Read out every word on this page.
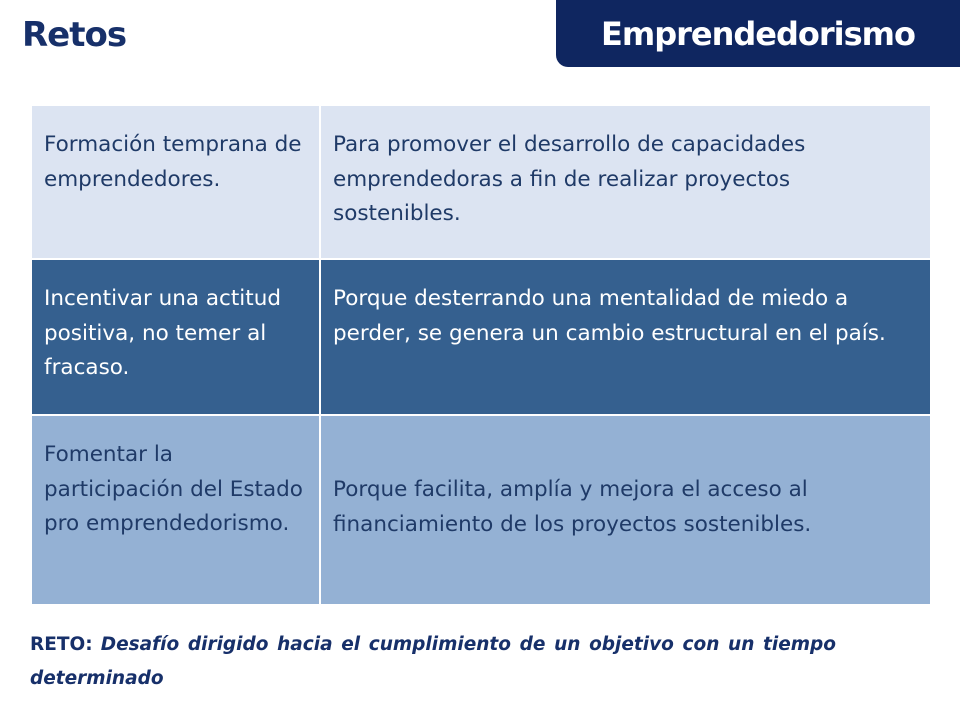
Retos	Emprendedorismo
Formación temprana de emprendedores.	Para promover el desarrollo de capacidades emprendedoras a fin de realizar proyectos sostenibles.
Incentivar una actitud positiva, no temer al fracaso.	Porque desterrando una mentalidad de miedo a perder, se genera un cambio estructural en el país.
Fomentar la participación del Estado pro emprendedorismo.	Porque facilita, amplía y mejora el acceso al financiamiento de los proyectos sostenibles.

RETO: Desafío dirigido hacia el cumplimiento de un objetivo con un tiempo determinado
